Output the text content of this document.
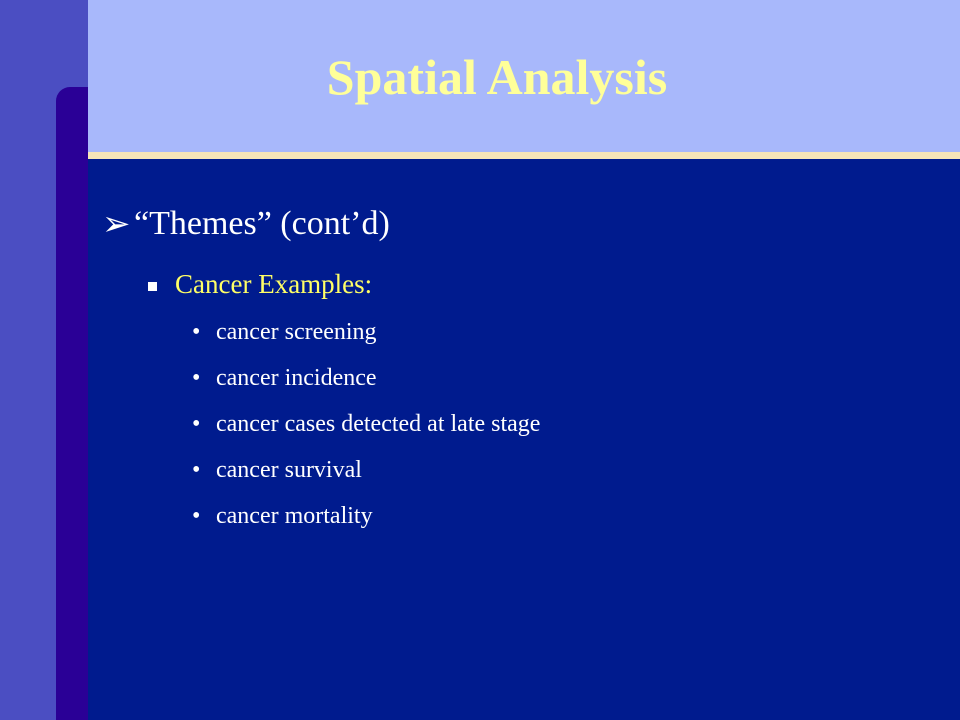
Spatial Analysis
➢ “Themes” (cont’d)
Cancer Examples:
• cancer screening
• cancer incidence
• cancer cases detected at late stage
• cancer survival
• cancer mortality
